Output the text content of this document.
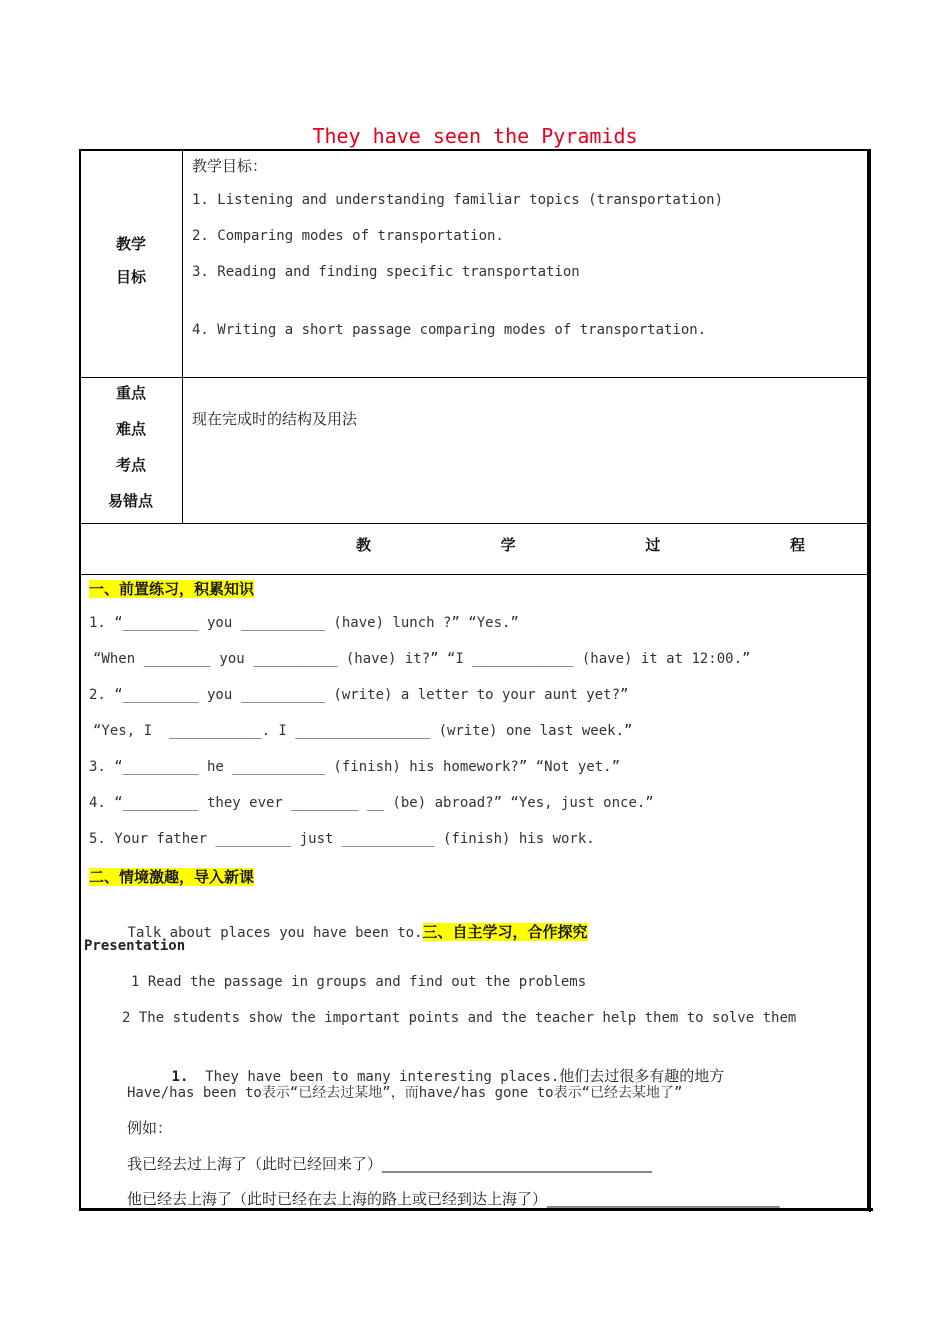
They have seen the Pyramids
教学
目标
教学目标：
1. Listening and understanding familiar topics (transportation)
2. Comparing modes of transportation.
3. Reading and finding specific transportation
4. Writing a short passage comparing modes of transportation.
重点
难点
考点
易错点
现在完成时的结构及用法
教   学   过   程
一、前置练习，积累知识
1. “_________ you __________ (have) lunch ?” “Yes.”
“When ________ you __________ (have) it?” “I ____________ (have) it at 12:00.”
2. “_________ you __________ (write) a letter to your aunt yet?”
“Yes, I  ___________. I ________________ (write) one last week.”
3. “_________ he ___________ (finish) his homework?” “Not yet.”
4. “_________ they ever ________ __ (be) abroad?” “Yes, just once.”
5. Your father _________ just ___________ (finish) his work.
二、情境激趣，导入新课

Talk about places you have been to.三、自主学习，合作探究

Presentation
1 Read the passage in groups and find out the problems
2 The students show the important points and the teacher help them to solve them

1. They have been to many interesting places.他们去过很多有趣的地方

Have/has been to表示“已经去过某地”，而have/has gone to表示“已经去某地了”
例如：
我已经去过上海了（此时已经回来了）____________________________________
他已经去上海了（此时已经在去上海的路上或已经到达上海了）_______________________________
